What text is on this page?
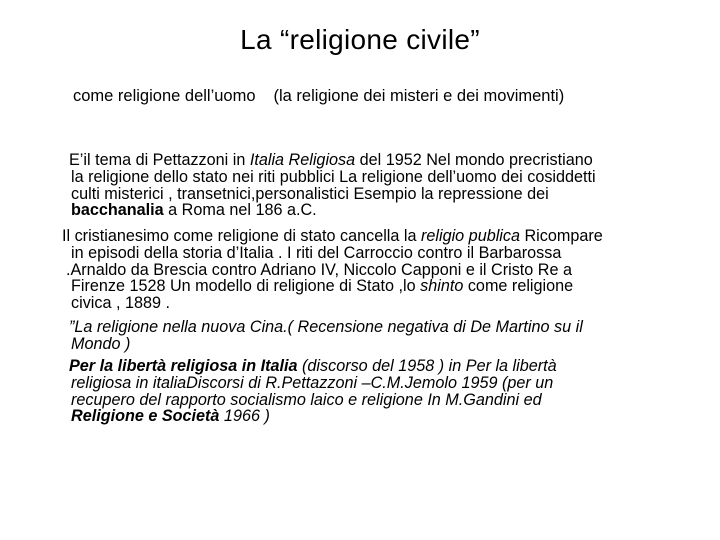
La “religione civile”
come religione dell’uomo (la religione dei misteri e dei movimenti)
E’il tema di Pettazzoni in Italia Religiosa del 1952 Nel mondo precristiano
la religione dello stato nei riti pubblici La religione dell’uomo dei cosiddetti
culti misterici , transetnici,personalistici Esempio la repressione dei
bacchanalia a Roma nel 186 a.C.
Il cristianesimo come religione di stato cancella la religio publica Ricompare
in episodi della storia d’Italia . I riti del Carroccio contro il Barbarossa
.Arnaldo da Brescia contro Adriano IV, Niccolo Capponi e il Cristo Re a
Firenze 1528 Un modello di religione di Stato ,lo shinto come religione
civica , 1889 .
”La religione nella nuova Cina.( Recensione negativa di De Martino su il
Mondo )
Per la libertà religiosa in Italia (discorso del 1958 ) in Per la libertà
religiosa in italiaDiscorsi di R.Pettazzoni –C.M.Jemolo 1959 (per un
recupero del rapporto socialismo laico e religione In M.Gandini ed
Religione e Società 1966 )
